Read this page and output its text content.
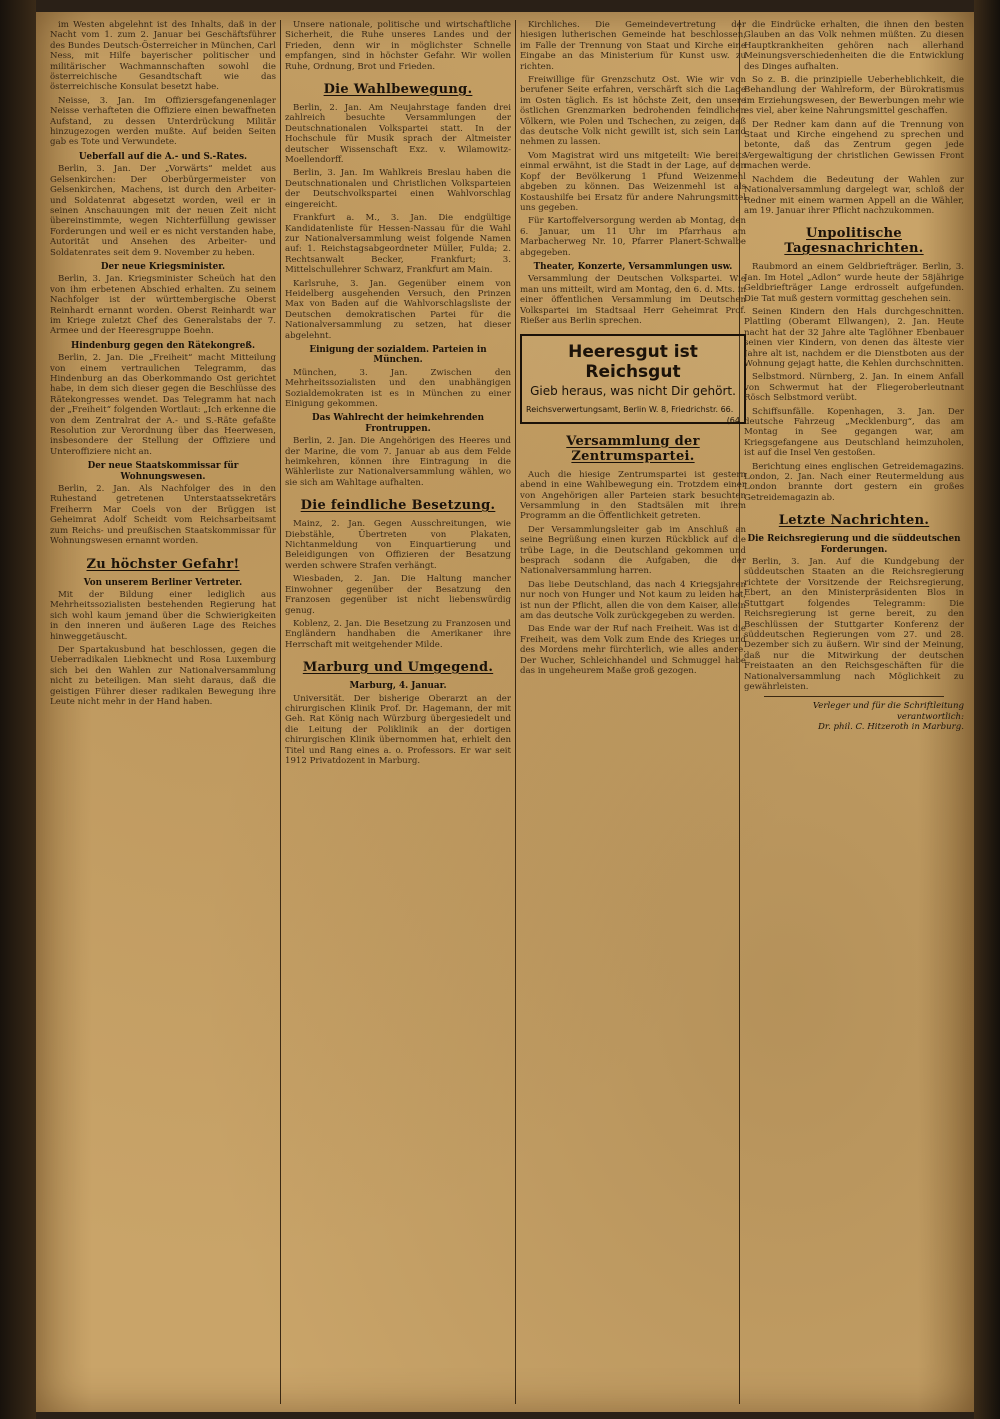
im Westen abgelehnt ist des Inhalts, daß in der Nacht vom 1. zum 2. Januar bei Geschäftsführer des Bundes Deutsch-Österreicher in München, Carl Ness, mit Hilfe bayerischer politischer und militärischer Wachmannschaften sowohl die österreichische Gesandtschaft wie das österreichische Konsulat besetzt habe.

Neisse, 3. Jan. Im Offiziersgefangenenlager Neisse verhafteten die Offiziere einen bewaffneten Aufstand, zu dessen Unterdrückung Militär hinzugezogen werden mußte. Auf beiden Seiten gab es Tote und Verwundete.

Ueberfall auf die A.- und S.-Rates.

Berlin, 3. Jan. Der „Vorwärts“ meldet aus Gelsenkirchen: Der Oberbürgermeister von Gelsenkirchen, Machens, ist durch den Arbeiter- und Soldatenrat abgesetzt worden, weil er in seinen Anschauungen mit der neuen Zeit nicht übereinstimmte, wegen Nichterfüllung gewisser Forderungen und weil er es nicht verstanden habe, Autorität und Ansehen des Arbeiter- und Soldatenrates seit dem 9. November zu heben.

Der neue Kriegsminister.

Berlin, 3. Jan. Kriegsminister Scheüch hat den von ihm erbetenen Abschied erhalten. Zu seinem Nachfolger ist der württembergische Oberst Reinhardt ernannt worden. Oberst Reinhardt war im Kriege zuletzt Chef des Generalstabs der 7. Armee und der Heeresgruppe Boehn.

Hindenburg gegen den Rätekongreß.

Berlin, 2. Jan. Die „Freiheit“ macht Mitteilung von einem vertraulichen Telegramm, das Hindenburg an das Oberkommando Ost gerichtet habe, in dem sich dieser gegen die Beschlüsse des Rätekongresses wendet. Das Telegramm hat nach der „Freiheit“ folgenden Wortlaut: „Ich erkenne die von dem Zentralrat der A.- und S.-Räte gefaßte Resolution zur Verordnung über das Heerwesen, insbesondere der Stellung der Offiziere und Unteroffiziere nicht an.

Der neue Staatskommissar für Wohnungswesen.

Berlin, 2. Jan. Als Nachfolger des in den Ruhestand getretenen Unterstaatssekretärs Freiherrn Mar Coels von der Brüggen ist Geheimrat Adolf Scheidt vom Reichsarbeitsamt zum Reichs- und preußischen Staatskommissar für Wohnungswesen ernannt worden.

Zu höchster Gefahr!
Von unserem Berliner Vertreter.

Mit der Bildung einer lediglich aus Mehrheitssozialisten bestehenden Regierung hat sich wohl kaum jemand über die Schwierigkeiten in den inneren und äußeren Lage des Reiches hinweggetäuscht.

Der Spartakusbund hat beschlossen, gegen die Ueberradikalen Liebknecht und Rosa Luxemburg sich bei den Wahlen zur Nationalversammlung nicht zu beteiligen. Man sieht daraus, daß die geistigen Führer dieser radikalen Bewegung ihre Leute nicht mehr in der Hand haben.

Unsere nationale, politische und wirtschaftliche Sicherheit, die Ruhe unseres Landes und der Frieden, denn wir in möglichster Schnelle empfangen, sind in höchster Gefahr. Wir wollen Ruhe, Ordnung, Brot und Frieden.

Die Wahlbewegung.

Berlin, 2. Jan. Am Neujahrstage fanden drei zahlreich besuchte Versammlungen der Deutschnationalen Volkspartei statt. In der Hochschule für Musik sprach der Altmeister deutscher Wissenschaft Exz. v. Wilamowitz-Moellendorff.

Berlin, 3. Jan. Im Wahlkreis Breslau haben die Deutschnationalen und Christlichen Volksparteien der Deutschvolkspartei einen Wahlvorschlag eingereicht.

Frankfurt a. M., 3. Jan. Die endgültige Kandidatenliste für Hessen-Nassau für die Wahl zur Nationalversammlung weist folgende Namen auf: 1. Reichstagsabgeordneter Müller, Fulda; 2. Rechtsanwalt Becker, Frankfurt; 3. Mittelschullehrer Schwarz, Frankfurt am Main.

Karlsruhe, 3. Jan. Gegenüber einem von Heidelberg ausgehenden Versuch, den Prinzen Max von Baden auf die Wahlvorschlagsliste der Deutschen demokratischen Partei für die Nationalversammlung zu setzen, hat dieser abgelehnt.

Einigung der sozialdem. Parteien in München.

München, 3. Jan. Zwischen den Mehrheitssozialisten und den unabhängigen Sozialdemokraten ist es in München zu einer Einigung gekommen.

Das Wahlrecht der heimkehrenden Frontruppen.

Berlin, 2. Jan. Die Angehörigen des Heeres und der Marine, die vom 7. Januar ab aus dem Felde heimkehren, können ihre Eintragung in die Wählerliste zur Nationalversammlung wählen, wo sie sich am Wahltage aufhalten.

Die feindliche Besetzung.

Mainz, 2. Jan. Gegen Ausschreitungen, wie Diebstähle, Übertreten von Plakaten, Nichtanmeldung von Einquartierung und Beleidigungen von Offizieren der Besatzung werden schwere Strafen verhängt.

Wiesbaden, 2. Jan. Die Haltung mancher Einwohner gegenüber der Besatzung den Franzosen gegenüber ist nicht liebenswürdig genug.

Koblenz, 2. Jan. Die Besetzung zu Franzosen und Engländern handhaben die Amerikaner ihre Herrschaft mit weitgehender Milde.

Marburg und Umgegend.
Marburg, 4. Januar.

Universität. Der bisherige Oberarzt an der chirurgischen Klinik Prof. Dr. Hagemann, der mit Geh. Rat König nach Würzburg übergesiedelt und die Leitung der Poliklinik an der dortigen chirurgischen Klinik übernommen hat, erhielt den Titel und Rang eines a. o. Professors. Er war seit 1912 Privatdozent in Marburg.

Kirchliches. Die Gemeindevertretung der hiesigen lutherischen Gemeinde hat beschlossen, im Falle der Trennung von Staat und Kirche eine Eingabe an das Ministerium für Kunst usw. zu richten.

Freiwillige für Grenzschutz Ost. Wie wir von berufener Seite erfahren, verschärft sich die Lage im Osten täglich. Es ist höchste Zeit, den unsere östlichen Grenzmarken bedrohenden feindlichen Völkern, wie Polen und Tschechen, zu zeigen, daß das deutsche Volk nicht gewillt ist, sich sein Land nehmen zu lassen.

Vom Magistrat wird uns mitgeteilt: Wie bereits einmal erwähnt, ist die Stadt in der Lage, auf den Kopf der Bevölkerung 1 Pfund Weizenmehl abgeben zu können. Das Weizenmehl ist als Kostaushilfe bei Ersatz für andere Nahrungsmittel uns gegeben.

Für Kartoffelversorgung werden ab Montag, den 6. Januar, um 11 Uhr im Pfarrhaus am Marbacherweg Nr. 10, Pfarrer Planert-Schwalbe abgegeben.

Theater, Konzerte, Versammlungen usw.

Versammlung der Deutschen Volkspartei. Wie man uns mitteilt, wird am Montag, den 6. d. Mts. in einer öffentlichen Versammlung im Deutschen Volkspartei im Stadtsaal Herr Geheimrat Prof. Rießer aus Berlin sprechen.

Heeresgut ist Reichsgut
Gieb heraus, was nicht Dir gehört.
Reichsverwertungsamt, Berlin W. 8, Friedrichstr. 66.
(64
Versammlung der Zentrumspartei.

Auch die hiesige Zentrumspartei ist gestern abend in eine Wahlbewegung ein. Trotzdem einer von Angehörigen aller Parteien stark besuchten Versammlung in den Stadtsälen mit ihrem Programm an die Öffentlichkeit getreten.

Der Versammlungsleiter gab im Anschluß an seine Begrüßung einen kurzen Rückblick auf die trübe Lage, in die Deutschland gekommen und besprach sodann die Aufgaben, die der Nationalversammlung harren.

Das liebe Deutschland, das nach 4 Kriegsjahren nur noch von Hunger und Not kaum zu leiden hat, ist nun der Pflicht, allen die von dem Kaiser, allein am das deutsche Volk zurückgegeben zu werden.

Das Ende war der Ruf nach Freiheit. Was ist die Freiheit, was dem Volk zum Ende des Krieges und des Mordens mehr fürchterlich, wie alles andere. Der Wucher, Schleichhandel und Schmuggel habe das in ungeheurem Maße groß gezogen.

die Eindrücke erhalten, die ihnen den besten Glauben an das Volk nehmen müßten. Zu diesen Hauptkrankheiten gehören nach allerhand Meinungsverschiedenheiten die die Entwicklung des Dinges aufhalten.

So z. B. die prinzipielle Ueberheblichkeit, die Behandlung der Wahlreform, der Bürokratismus im Erziehungswesen, der Bewerbungen mehr wie es viel, aber keine Nahrungsmittel geschaffen.

Der Redner kam dann auf die Trennung von Staat und Kirche eingehend zu sprechen und betonte, daß das Zentrum gegen jede Vergewaltigung der christlichen Gewissen Front machen werde.

Nachdem die Bedeutung der Wahlen zur Nationalversammlung dargelegt war, schloß der Redner mit einem warmen Appell an die Wähler, am 19. Januar ihrer Pflicht nachzukommen.

Unpolitische Tagesnachrichten.

Raubmord an einem Geldbriefträger. Berlin, 3. Jan. Im Hotel „Adlon“ wurde heute der 58jährige Geldbriefträger Lange erdrosselt aufgefunden. Die Tat muß gestern vormittag geschehen sein.

Seinen Kindern den Hals durchgeschnitten. Plattling (Oberamt Ellwangen), 2. Jan. Heute nacht hat der 32 Jahre alte Taglöhner Ebenbauer seinen vier Kindern, von denen das älteste vier Jahre alt ist, nachdem er die Dienstboten aus der Wohnung gejagt hatte, die Kehlen durchschnitten.

Selbstmord. Nürnberg, 2. Jan. In einem Anfall von Schwermut hat der Fliegeroberleutnant Rösch Selbstmord verübt.

Schiffsunfälle. Kopenhagen, 3. Jan. Der deutsche Fahrzeug „Mecklenburg“, das am Montag in See gegangen war, am Kriegsgefangene aus Deutschland heimzuholen, ist auf die Insel Ven gestoßen.

Berichtung eines englischen Getreidemagazins. London, 2. Jan. Nach einer Reutermeldung aus London brannte dort gestern ein großes Getreidemagazin ab.

Letzte Nachrichten.
Die Reichsregierung und die süddeutschen Forderungen.

Berlin, 3. Jan. Auf die Kundgebung der süddeutschen Staaten an die Reichsregierung richtete der Vorsitzende der Reichsregierung, Ebert, an den Ministerpräsidenten Blos in Stuttgart folgendes Telegramm: Die Reichsregierung ist gerne bereit, zu den Beschlüssen der Stuttgarter Konferenz der süddeutschen Regierungen vom 27. und 28. Dezember sich zu äußern. Wir sind der Meinung, daß nur die Mitwirkung der deutschen Freistaaten an den Reichsgeschäften für die Nationalversammlung nach Möglichkeit zu gewährleisten.

Verleger und für die Schriftleitung verantwortlich:
Dr. phil. C. Hitzeroth in Marburg.
